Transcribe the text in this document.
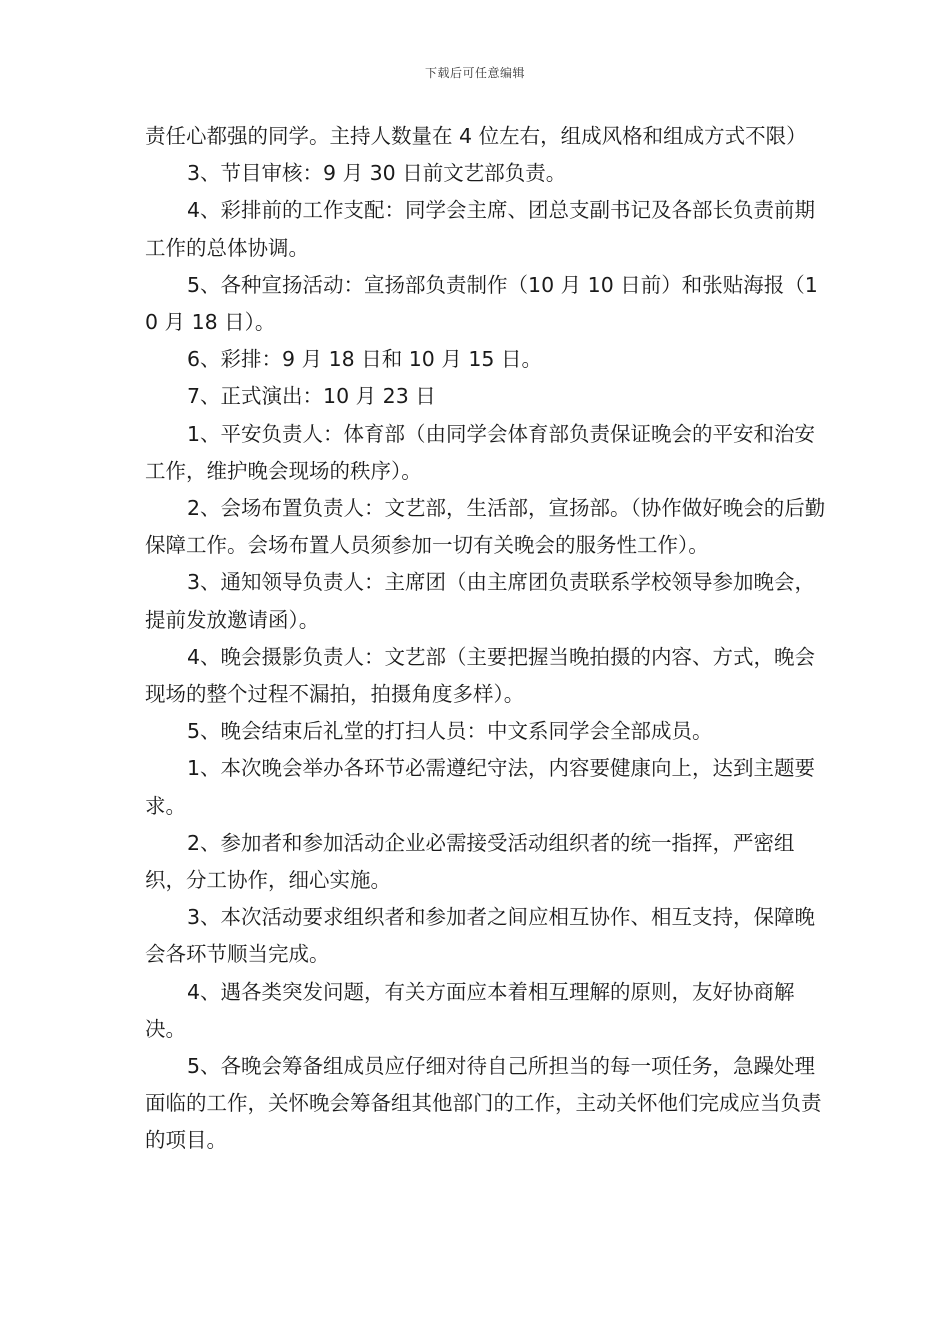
下载后可任意编辑

责任心都强的同学。主持人数量在 4 位左右，组成风格和组成方式不限）

3、节目审核：9 月 30 日前文艺部负责。

4、彩排前的工作支配：同学会主席、团总支副书记及各部长负责前期工作的总体协调。

5、各种宣扬活动：宣扬部负责制作（10 月 10 日前）和张贴海报（10 月 18 日）。

6、彩排：9 月 18 日和 10 月 15 日。

7、正式演出：10 月 23 日

1、平安负责人：体育部（由同学会体育部负责保证晚会的平安和治安工作，维护晚会现场的秩序）。

2、会场布置负责人：文艺部，生活部，宣扬部。（协作做好晚会的后勤保障工作。会场布置人员须参加一切有关晚会的服务性工作）。

3、通知领导负责人：主席团（由主席团负责联系学校领导参加晚会，提前发放邀请函）。

4、晚会摄影负责人：文艺部（主要把握当晚拍摄的内容、方式，晚会现场的整个过程不漏拍，拍摄角度多样）。

5、晚会结束后礼堂的打扫人员：中文系同学会全部成员。

1、本次晚会举办各环节必需遵纪守法，内容要健康向上，达到主题要求。

2、参加者和参加活动企业必需接受活动组织者的统一指挥，严密组织，分工协作，细心实施。

3、本次活动要求组织者和参加者之间应相互协作、相互支持，保障晚会各环节顺当完成。

4、遇各类突发问题，有关方面应本着相互理解的原则，友好协商解决。

5、各晚会筹备组成员应仔细对待自己所担当的每一项任务，急躁处理面临的工作，关怀晚会筹备组其他部门的工作，主动关怀他们完成应当负责的项目。
